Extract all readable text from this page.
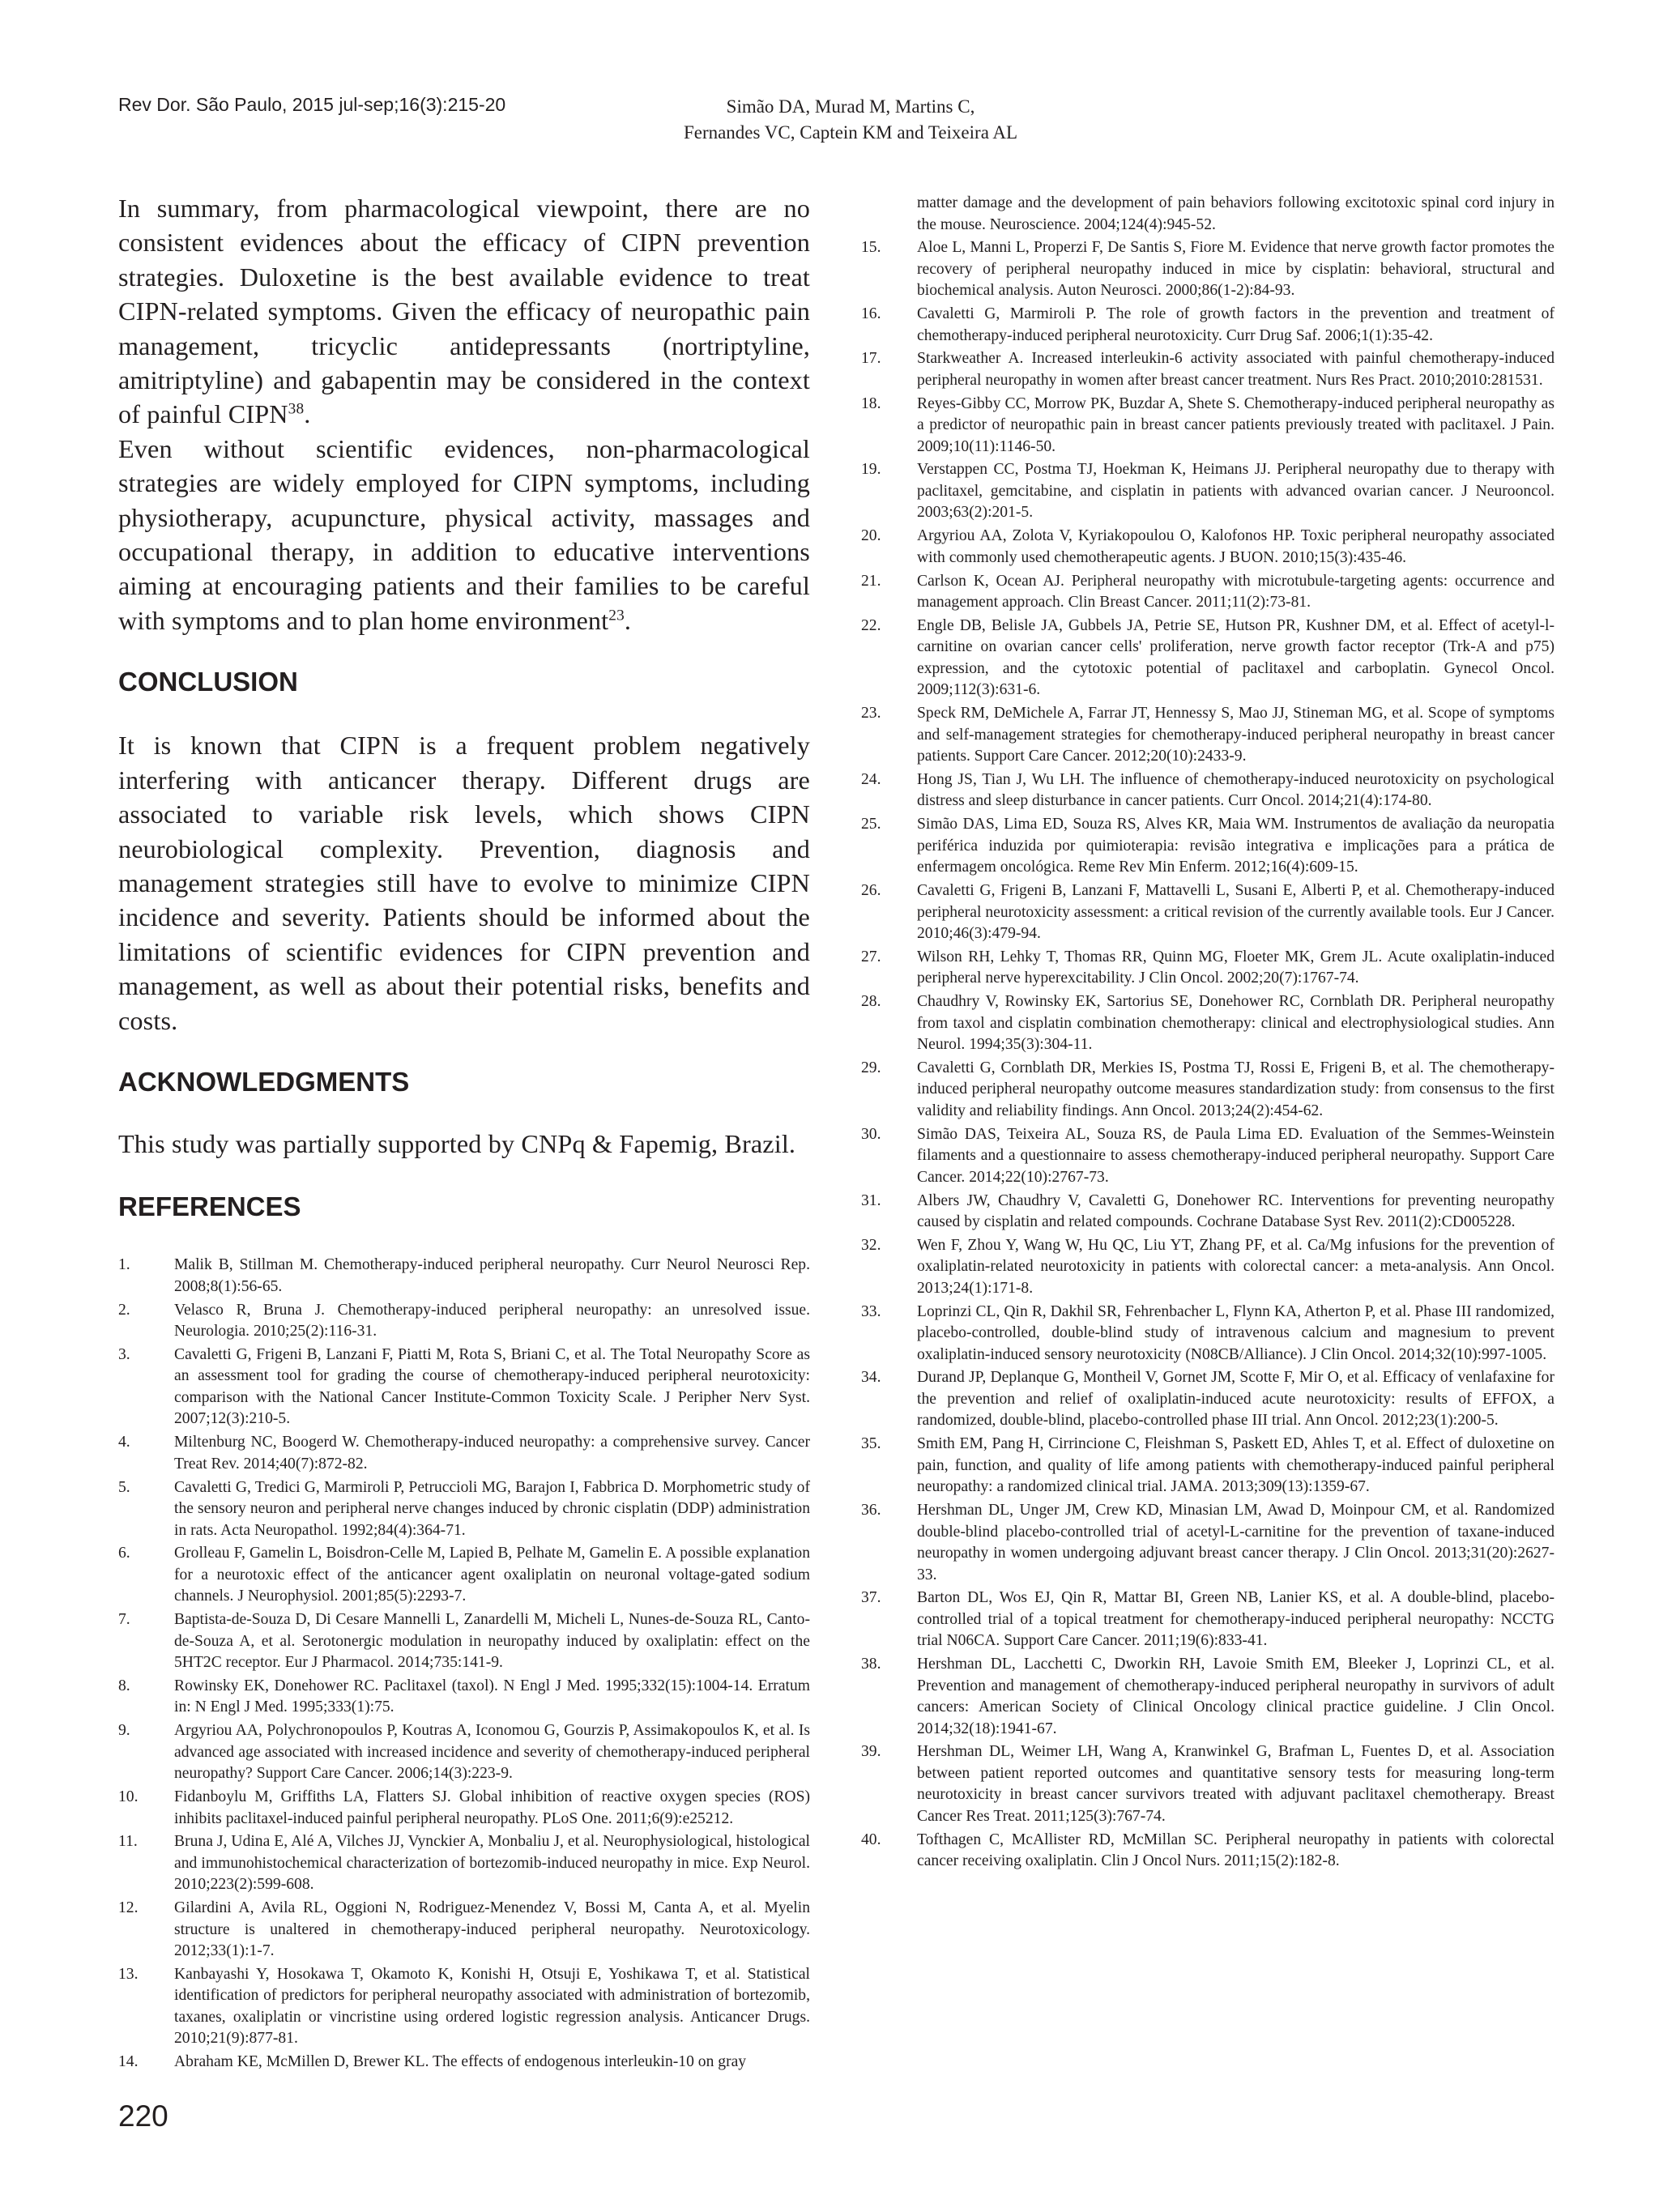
Rev Dor. São Paulo, 2015 jul-sep;16(3):215-20	Simão DA, Murad M, Martins C,
Fernandes VC, Captein KM and Teixeira AL

In summary, from pharmacological viewpoint, there are no consistent evidences about the efficacy of CIPN prevention strategies. Duloxetine is the best available evidence to treat CIPN-related symptoms. Given the efficacy of neuropathic pain management, tricyclic antidepressants (nortriptyline, amitriptyline) and gabapentin may be considered in the context of painful CIPN$^{38}$.

Even without scientific evidences, non-pharmacological strategies are widely employed for CIPN symptoms, including physiotherapy, acupuncture, physical activity, massages and occupational therapy, in addition to educative interventions aiming at encouraging patients and their families to be careful with symptoms and to plan home environment$^{23}$.

CONCLUSION

It is known that CIPN is a frequent problem negatively interfering with anticancer therapy. Different drugs are associated to variable risk levels, which shows CIPN neurobiological complexity. Prevention, diagnosis and management strategies still have to evolve to minimize CIPN incidence and severity. Patients should be informed about the limitations of scientific evidences for CIPN prevention and management, as well as about their potential risks, benefits and costs.

ACKNOWLEDGMENTS

This study was partially supported by CNPq & Fapemig, Brazil.

REFERENCES
1.	Malik B, Stillman M. Chemotherapy-induced peripheral neuropathy. Curr Neurol Neurosci Rep. 2008;8(1):56-65.
2.	Velasco R, Bruna J. Chemotherapy-induced peripheral neuropathy: an unresolved issue. Neurologia. 2010;25(2):116-31.
3.	Cavaletti G, Frigeni B, Lanzani F, Piatti M, Rota S, Briani C, et al. The Total Neuropathy Score as an assessment tool for grading the course of chemotherapy-induced peripheral neurotoxicity: comparison with the National Cancer Institute-Common Toxicity Scale. J Peripher Nerv Syst. 2007;12(3):210-5.
4.	Miltenburg NC, Boogerd W. Chemotherapy-induced neuropathy: a comprehensive survey. Cancer Treat Rev. 2014;40(7):872-82.
5.	Cavaletti G, Tredici G, Marmiroli P, Petruccioli MG, Barajon I, Fabbrica D. Morphometric study of the sensory neuron and peripheral nerve changes induced by chronic cisplatin (DDP) administration in rats. Acta Neuropathol. 1992;84(4):364-71.
6.	Grolleau F, Gamelin L, Boisdron-Celle M, Lapied B, Pelhate M, Gamelin E. A possible explanation for a neurotoxic effect of the anticancer agent oxaliplatin on neuronal voltage-gated sodium channels. J Neurophysiol. 2001;85(5):2293-7.
7.	Baptista-de-Souza D, Di Cesare Mannelli L, Zanardelli M, Micheli L, Nunes-de-Souza RL, Canto-de-Souza A, et al. Serotonergic modulation in neuropathy induced by oxaliplatin: effect on the 5HT2C receptor. Eur J Pharmacol. 2014;735:141-9.
8.	Rowinsky EK, Donehower RC. Paclitaxel (taxol). N Engl J Med. 1995;332(15):1004-14. Erratum in: N Engl J Med. 1995;333(1):75.
9.	Argyriou AA, Polychronopoulos P, Koutras A, Iconomou G, Gourzis P, Assimakopoulos K, et al. Is advanced age associated with increased incidence and severity of chemotherapy-induced peripheral neuropathy? Support Care Cancer. 2006;14(3):223-9.
10. Fidanboylu M, Griffiths LA, Flatters SJ. Global inhibition of reactive oxygen species (ROS) inhibits paclitaxel-induced painful peripheral neuropathy. PLoS One. 2011;6(9):e25212.
11. Bruna J, Udina E, Alé A, Vilches JJ, Vynckier A, Monbaliu J, et al. Neurophysiological, histological and immunohistochemical characterization of bortezomib-induced neuropathy in mice. Exp Neurol. 2010;223(2):599-608.
12. Gilardini A, Avila RL, Oggioni N, Rodriguez-Menendez V, Bossi M, Canta A, et al. Myelin structure is unaltered in chemotherapy-induced peripheral neuropathy. Neurotoxicology. 2012;33(1):1-7.
13. Kanbayashi Y, Hosokawa T, Okamoto K, Konishi H, Otsuji E, Yoshikawa T, et al. Statistical identification of predictors for peripheral neuropathy associated with administration of bortezomib, taxanes, oxaliplatin or vincristine using ordered logistic regression analysis. Anticancer Drugs. 2010;21(9):877-81.
14. Abraham KE, McMillen D, Brewer KL. The effects of endogenous interleukin-10 on gray
matter damage and the development of pain behaviors following excitotoxic spinal cord injury in the mouse. Neuroscience. 2004;124(4):945-52.
15. Aloe L, Manni L, Properzi F, De Santis S, Fiore M. Evidence that nerve growth factor promotes the recovery of peripheral neuropathy induced in mice by cisplatin: behavioral, structural and biochemical analysis. Auton Neurosci. 2000;86(1-2):84-93.
16. Cavaletti G, Marmiroli P. The role of growth factors in the prevention and treatment of chemotherapy-induced peripheral neurotoxicity. Curr Drug Saf. 2006;1(1):35-42.
17. Starkweather A. Increased interleukin-6 activity associated with painful chemotherapy-induced peripheral neuropathy in women after breast cancer treatment. Nurs Res Pract. 2010;2010:281531.
18. Reyes-Gibby CC, Morrow PK, Buzdar A, Shete S. Chemotherapy-induced peripheral neuropathy as a predictor of neuropathic pain in breast cancer patients previously treated with paclitaxel. J Pain. 2009;10(11):1146-50.
19. Verstappen CC, Postma TJ, Hoekman K, Heimans JJ. Peripheral neuropathy due to therapy with paclitaxel, gemcitabine, and cisplatin in patients with advanced ovarian cancer. J Neurooncol. 2003;63(2):201-5.
20. Argyriou AA, Zolota V, Kyriakopoulou O, Kalofonos HP. Toxic peripheral neuropathy associated with commonly used chemotherapeutic agents. J BUON. 2010;15(3):435-46.
21. Carlson K, Ocean AJ. Peripheral neuropathy with microtubule-targeting agents: occurrence and management approach. Clin Breast Cancer. 2011;11(2):73-81.
22. Engle DB, Belisle JA, Gubbels JA, Petrie SE, Hutson PR, Kushner DM, et al. Effect of acetyl-l-carnitine on ovarian cancer cells' proliferation, nerve growth factor receptor (Trk-A and p75) expression, and the cytotoxic potential of paclitaxel and carboplatin. Gynecol Oncol. 2009;112(3):631-6.
23. Speck RM, DeMichele A, Farrar JT, Hennessy S, Mao JJ, Stineman MG, et al. Scope of symptoms and self-management strategies for chemotherapy-induced peripheral neuropathy in breast cancer patients. Support Care Cancer. 2012;20(10):2433-9.
24. Hong JS, Tian J, Wu LH. The influence of chemotherapy-induced neurotoxicity on psychological distress and sleep disturbance in cancer patients. Curr Oncol. 2014;21(4):174-80.
25. Simão DAS, Lima ED, Souza RS, Alves KR, Maia WM. Instrumentos de avaliação da neuropatia periférica induzida por quimioterapia: revisão integrativa e implicações para a prática de enfermagem oncológica. Reme Rev Min Enferm. 2012;16(4):609-15.
26. Cavaletti G, Frigeni B, Lanzani F, Mattavelli L, Susani E, Alberti P, et al. Chemotherapy-induced peripheral neurotoxicity assessment: a critical revision of the currently available tools. Eur J Cancer. 2010;46(3):479-94.
27. Wilson RH, Lehky T, Thomas RR, Quinn MG, Floeter MK, Grem JL. Acute oxaliplatin-induced peripheral nerve hyperexcitability. J Clin Oncol. 2002;20(7):1767-74.
28. Chaudhry V, Rowinsky EK, Sartorius SE, Donehower RC, Cornblath DR. Peripheral neuropathy from taxol and cisplatin combination chemotherapy: clinical and electrophysiological studies. Ann Neurol. 1994;35(3):304-11.
29. Cavaletti G, Cornblath DR, Merkies IS, Postma TJ, Rossi E, Frigeni B, et al. The chemotherapy-induced peripheral neuropathy outcome measures standardization study: from consensus to the first validity and reliability findings. Ann Oncol. 2013;24(2):454-62.
30. Simão DAS, Teixeira AL, Souza RS, de Paula Lima ED. Evaluation of the Semmes-Weinstein filaments and a questionnaire to assess chemotherapy-induced peripheral neuropathy. Support Care Cancer. 2014;22(10):2767-73.
31. Albers JW, Chaudhry V, Cavaletti G, Donehower RC. Interventions for preventing neuropathy caused by cisplatin and related compounds. Cochrane Database Syst Rev. 2011(2):CD005228.
32. Wen F, Zhou Y, Wang W, Hu QC, Liu YT, Zhang PF, et al. Ca/Mg infusions for the prevention of oxaliplatin-related neurotoxicity in patients with colorectal cancer: a meta-analysis. Ann Oncol. 2013;24(1):171-8.
33. Loprinzi CL, Qin R, Dakhil SR, Fehrenbacher L, Flynn KA, Atherton P, et al. Phase III randomized, placebo-controlled, double-blind study of intravenous calcium and magnesium to prevent oxaliplatin-induced sensory neurotoxicity (N08CB/Alliance). J Clin Oncol. 2014;32(10):997-1005.
34. Durand JP, Deplanque G, Montheil V, Gornet JM, Scotte F, Mir O, et al. Efficacy of venlafaxine for the prevention and relief of oxaliplatin-induced acute neurotoxicity: results of EFFOX, a randomized, double-blind, placebo-controlled phase III trial. Ann Oncol. 2012;23(1):200-5.
35. Smith EM, Pang H, Cirrincione C, Fleishman S, Paskett ED, Ahles T, et al. Effect of duloxetine on pain, function, and quality of life among patients with chemotherapy-induced painful peripheral neuropathy: a randomized clinical trial. JAMA. 2013;309(13):1359-67.
36. Hershman DL, Unger JM, Crew KD, Minasian LM, Awad D, Moinpour CM, et al. Randomized double-blind placebo-controlled trial of acetyl-L-carnitine for the prevention of taxane-induced neuropathy in women undergoing adjuvant breast cancer therapy. J Clin Oncol. 2013;31(20):2627-33.
37. Barton DL, Wos EJ, Qin R, Mattar BI, Green NB, Lanier KS, et al. A double-blind, placebo-controlled trial of a topical treatment for chemotherapy-induced peripheral neuropathy: NCCTG trial N06CA. Support Care Cancer. 2011;19(6):833-41.
38. Hershman DL, Lacchetti C, Dworkin RH, Lavoie Smith EM, Bleeker J, Loprinzi CL, et al. Prevention and management of chemotherapy-induced peripheral neuropathy in survivors of adult cancers: American Society of Clinical Oncology clinical practice guideline. J Clin Oncol. 2014;32(18):1941-67.
39. Hershman DL, Weimer LH, Wang A, Kranwinkel G, Brafman L, Fuentes D, et al. Association between patient reported outcomes and quantitative sensory tests for measuring long-term neurotoxicity in breast cancer survivors treated with adjuvant paclitaxel chemotherapy. Breast Cancer Res Treat. 2011;125(3):767-74.
40. Tofthagen C, McAllister RD, McMillan SC. Peripheral neuropathy in patients with colorectal cancer receiving oxaliplatin. Clin J Oncol Nurs. 2011;15(2):182-8.
220
